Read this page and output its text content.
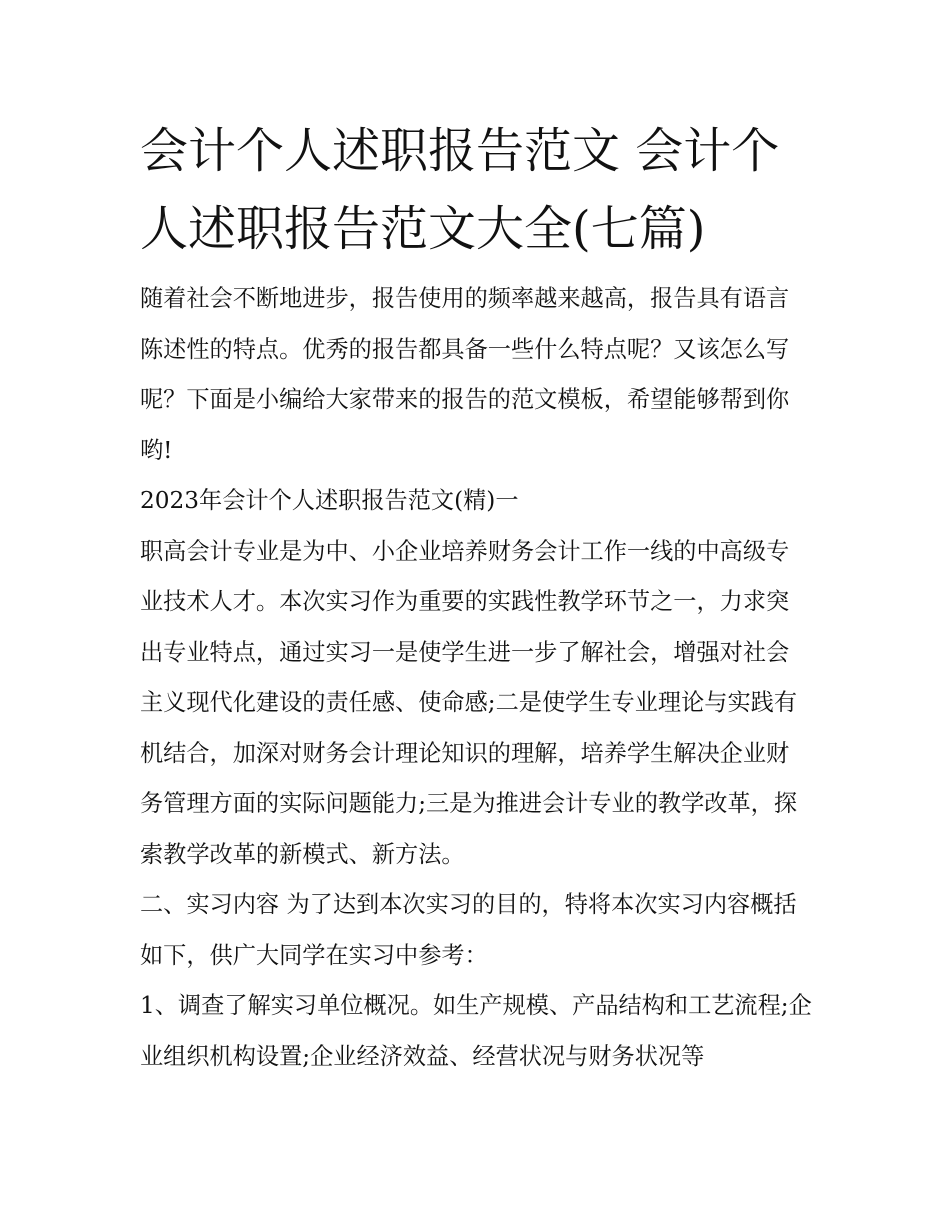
会计个人述职报告范文 会计个人述职报告范文大全(七篇)

随着社会不断地进步，报告使用的频率越来越高，报告具有语言陈述性的特点。优秀的报告都具备一些什么特点呢？又该怎么写呢？下面是小编给大家带来的报告的范文模板，希望能够帮到你哟!

2023年会计个人述职报告范文(精)一

职高会计专业是为中、小企业培养财务会计工作一线的中高级专业技术人才。本次实习作为重要的实践性教学环节之一，力求突出专业特点，通过实习一是使学生进一步了解社会，增强对社会主义现代化建设的责任感、使命感;二是使学生专业理论与实践有机结合，加深对财务会计理论知识的理解，培养学生解决企业财务管理方面的实际问题能力;三是为推进会计专业的教学改革，探索教学改革的新模式、新方法。

二、实习内容 为了达到本次实习的目的，特将本次实习内容概括如下，供广大同学在实习中参考：

1、调查了解实习单位概况。如生产规模、产品结构和工艺流程;企业组织机构设置;企业经济效益、经营状况与财务状况等
